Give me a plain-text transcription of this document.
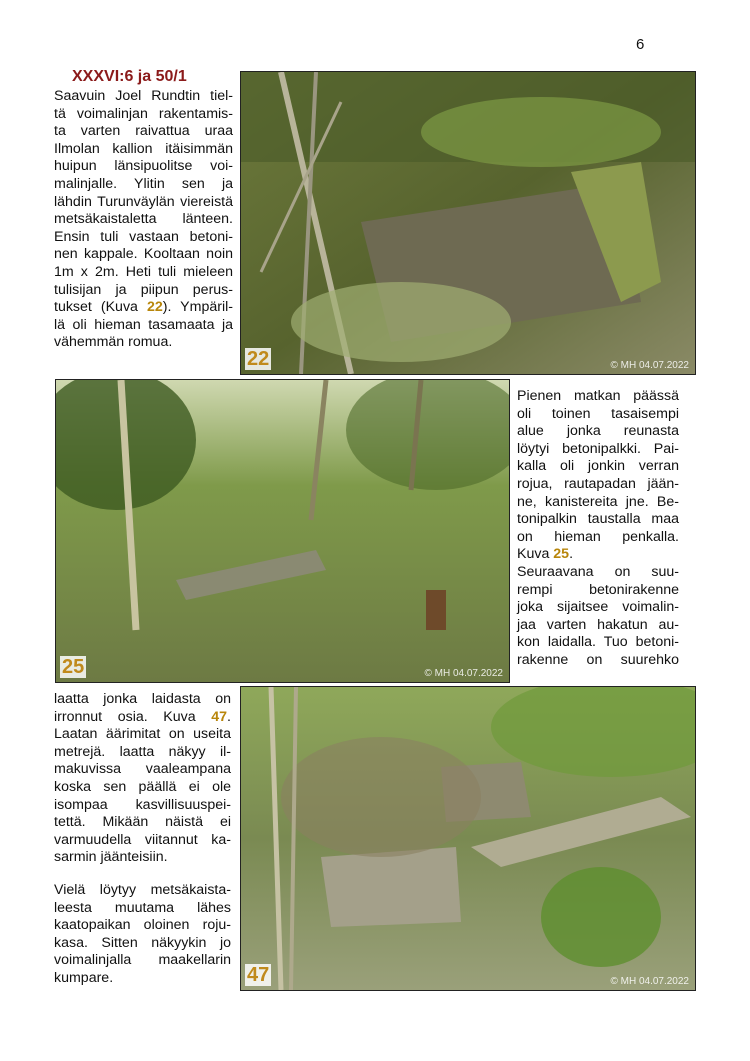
6
XXXVI:6 ja 50/1

Saavuin Joel Rundtin tiel-
tä voimalinjan rakentamis-
ta varten raivattua uraa
Ilmolan kallion itäisimmän
huipun länsipuolitse voi-
malinjalle. Ylitin sen ja
lähdin Turunväylän viereistä
metsäkaistaletta länteen.
Ensin tuli vastaan betoni-
nen kappale. Kooltaan noin
1m x 2m. Heti tuli mieleen
tulisijan ja piipun perus-
tukset (Kuva 22). Ympäril-
lä oli hieman tasamaata ja
vähemmän romua.

22	© MH 04.07.2022
25	© MH 04.07.2022

Pienen matkan päässä
oli toinen tasaisempi
alue jonka reunasta
löytyi betonipalkki. Pai-
kalla oli jonkin verran
rojua, rautapadan jään-
ne, kanistereita jne. Be-
tonipalkin taustalla maa
on hieman penkalla.
Kuva 25.
Seuraavana on suu-
rempi betonirakenne
joka sijaitsee voimalin-
jaa varten hakatun au-
kon laidalla. Tuo betoni-
rakenne on suurehko

laatta jonka laidasta on
irronnut osia. Kuva 47.
Laatan äärimitat on useita
metrejä. laatta näkyy il-
makuvissa vaaleampana
koska sen päällä ei ole
isompaa kasvillisuuspei-
tettä. Mikään näistä ei
varmuudella viitannut ka-
sarmin jäänteisiin.

Vielä löytyy metsäkaista-
leesta muutama lähes
kaatopaikan oloinen roju-
kasa. Sitten näkyykin jo
voimalinjalla maakellarin
kumpare.	47	© MH 04.07.2022
